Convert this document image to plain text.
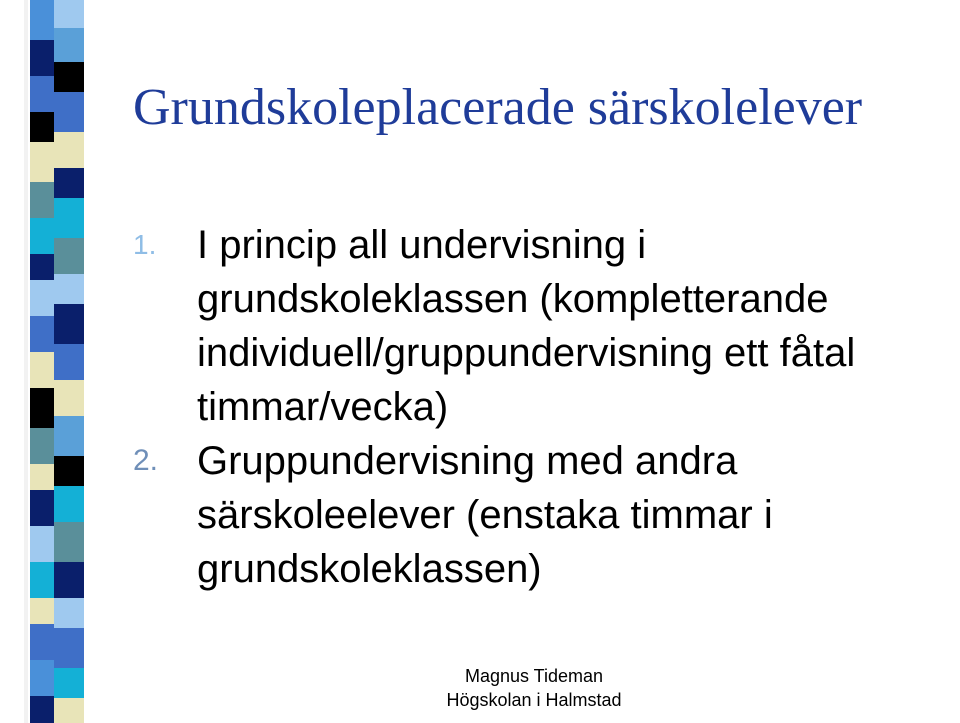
Grundskoleplacerade särskolelever
1. I princip all undervisning i
grundskoleklassen (kompletterande
individuell/gruppundervisning ett fåtal
timmar/vecka)
2. Gruppundervisning med andra
särskoleelever (enstaka timmar i
grundskoleklassen)
Magnus Tideman
Högskolan i Halmstad
